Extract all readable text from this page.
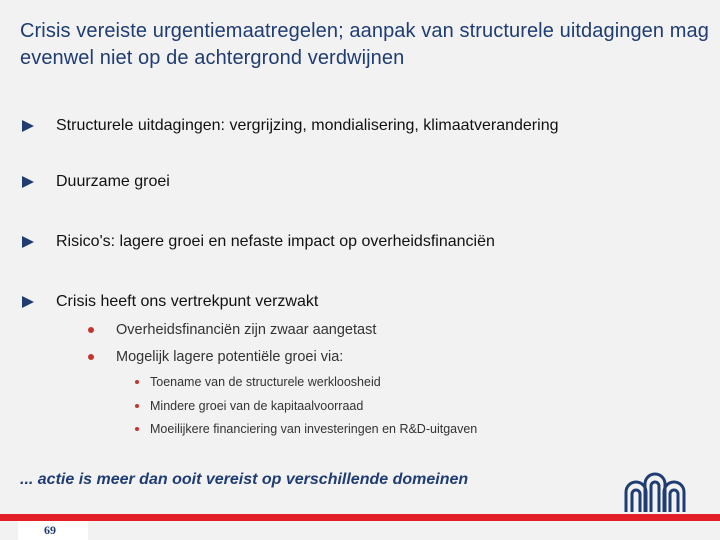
Crisis vereiste urgentiemaatregelen; aanpak van structurele uitdagingen mag evenwel niet op de achtergrond verdwijnen
Structurele uitdagingen: vergrijzing, mondialisering, klimaatverandering
Duurzame groei
Risico's: lagere groei en nefaste impact op overheidsfinanciën
Crisis heeft ons vertrekpunt verzwakt
Overheidsfinanciën zijn zwaar aangetast
Mogelijk lagere potentiële groei via:
Toename van de structurele werkloosheid
Mindere groei van de kapitaalvoorraad
Moeilijkere financiering van investeringen en R&D-uitgaven
... actie is meer dan ooit vereist op verschillende domeinen
69
